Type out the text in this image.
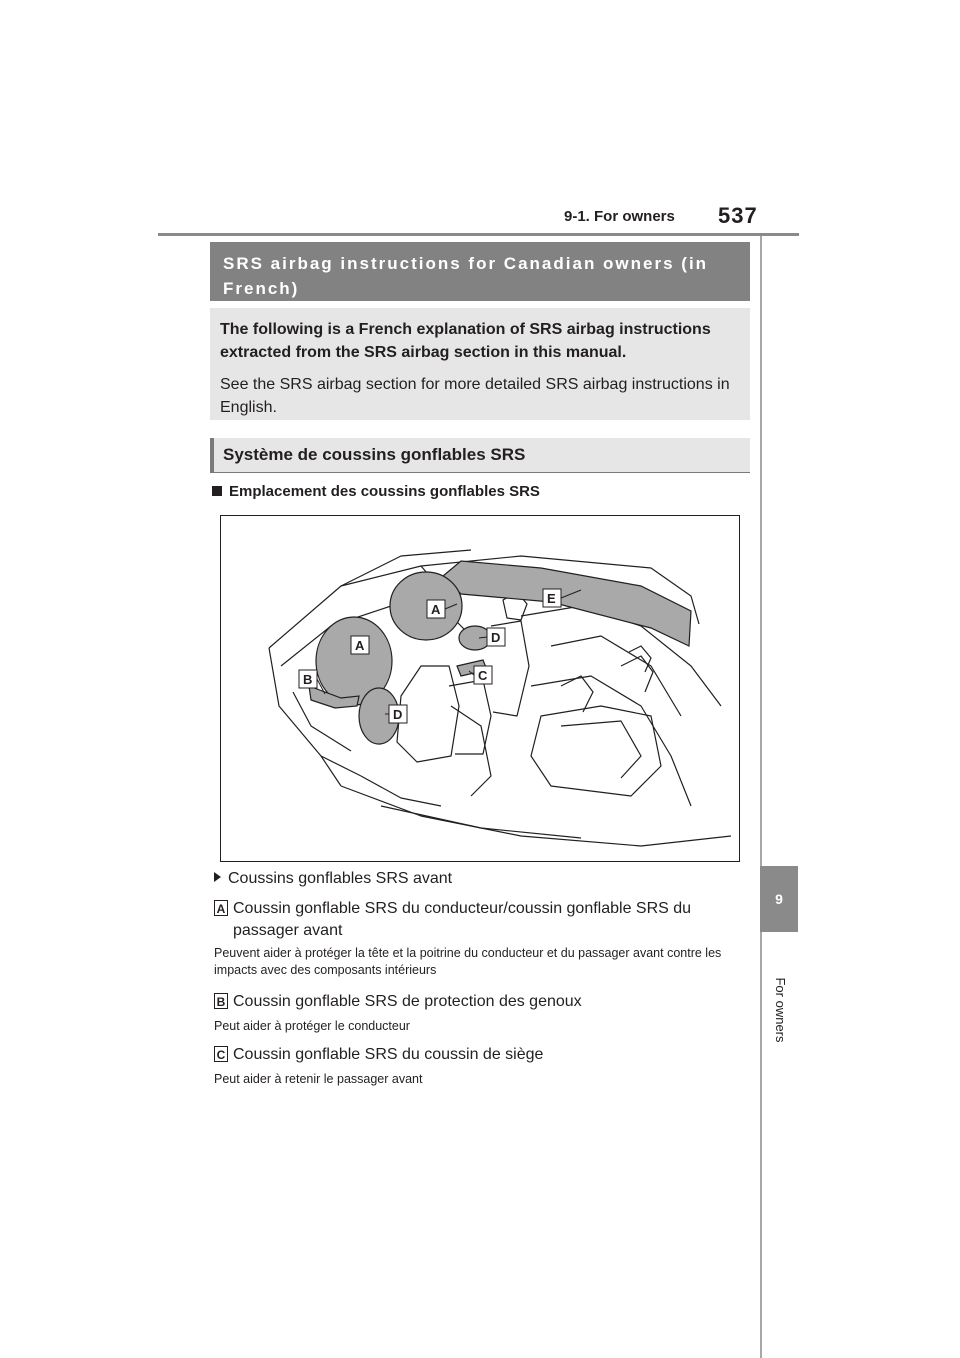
9-1. For owners 537
9
For owners
SRS airbag instructions for Canadian owners (in French)

The following is a French explanation of SRS airbag instructions extracted from the SRS airbag section in this manual.

See the SRS airbag section for more detailed SRS airbag instructions in English.

Système de coussins gonflables SRS
Emplacement des coussins gonflables SRS
E
A
D
A
C
B
D
Coussins gonflables SRS avant
A Coussin gonflable SRS du conducteur/coussin gonflable SRS du passager avant
Peuvent aider à protéger la tête et la poitrine du conducteur et du passager avant contre les impacts avec des composants intérieurs
B Coussin gonflable SRS de protection des genoux
Peut aider à protéger le conducteur
C Coussin gonflable SRS du coussin de siège
Peut aider à retenir le passager avant
